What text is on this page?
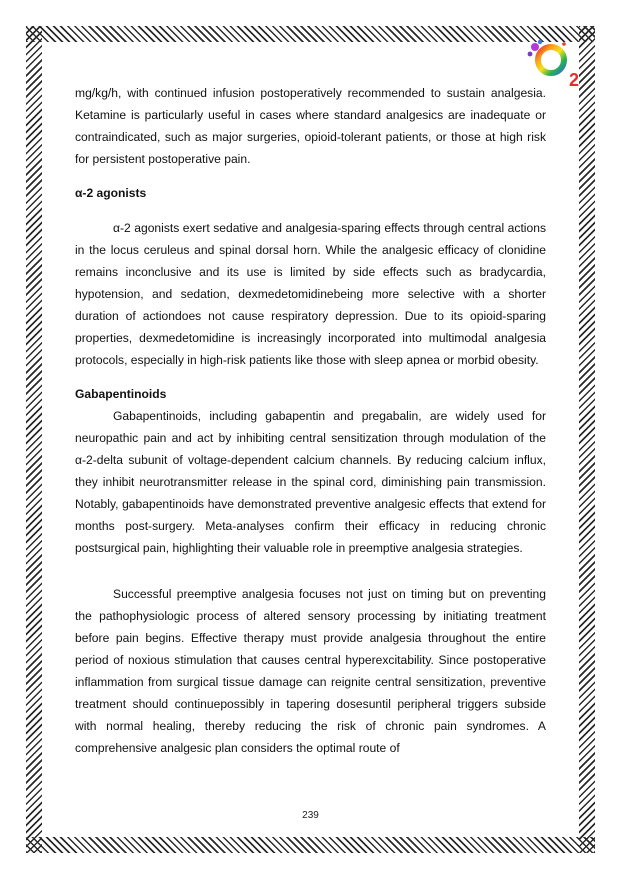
2

mg/kg/h, with continued infusion postoperatively recommended to sustain analgesia. Ketamine is particularly useful in cases where standard analgesics are inadequate or contraindicated, such as major surgeries, opioid-tolerant patients, or those at high risk for persistent postoperative pain.

α-2 agonists

α-2 agonists exert sedative and analgesia-sparing effects through central actions in the locus ceruleus and spinal dorsal horn. While the analgesic efficacy of clonidine remains inconclusive and its use is limited by side effects such as bradycardia, hypotension, and sedation, dexmedetomidinebeing more selective with a shorter duration of actiondoes not cause respiratory depression. Due to its opioid-sparing properties, dexmedetomidine is increasingly incorporated into multimodal analgesia protocols, especially in high-risk patients like those with sleep apnea or morbid obesity.

Gabapentinoids

Gabapentinoids, including gabapentin and pregabalin, are widely used for neuropathic pain and act by inhibiting central sensitization through modulation of the α-2-delta subunit of voltage-dependent calcium channels. By reducing calcium influx, they inhibit neurotransmitter release in the spinal cord, diminishing pain transmission. Notably, gabapentinoids have demonstrated preventive analgesic effects that extend for months post-surgery. Meta-analyses confirm their efficacy in reducing chronic postsurgical pain, highlighting their valuable role in preemptive analgesia strategies.

Successful preemptive analgesia focuses not just on timing but on preventing the pathophysiologic process of altered sensory processing by initiating treatment before pain begins. Effective therapy must provide analgesia throughout the entire period of noxious stimulation that causes central hyperexcitability. Since postoperative inflammation from surgical tissue damage can reignite central sensitization, preventive treatment should continuepossibly in tapering dosesuntil peripheral triggers subside with normal healing, thereby reducing the risk of chronic pain syndromes. A comprehensive analgesic plan considers the optimal route of

239
